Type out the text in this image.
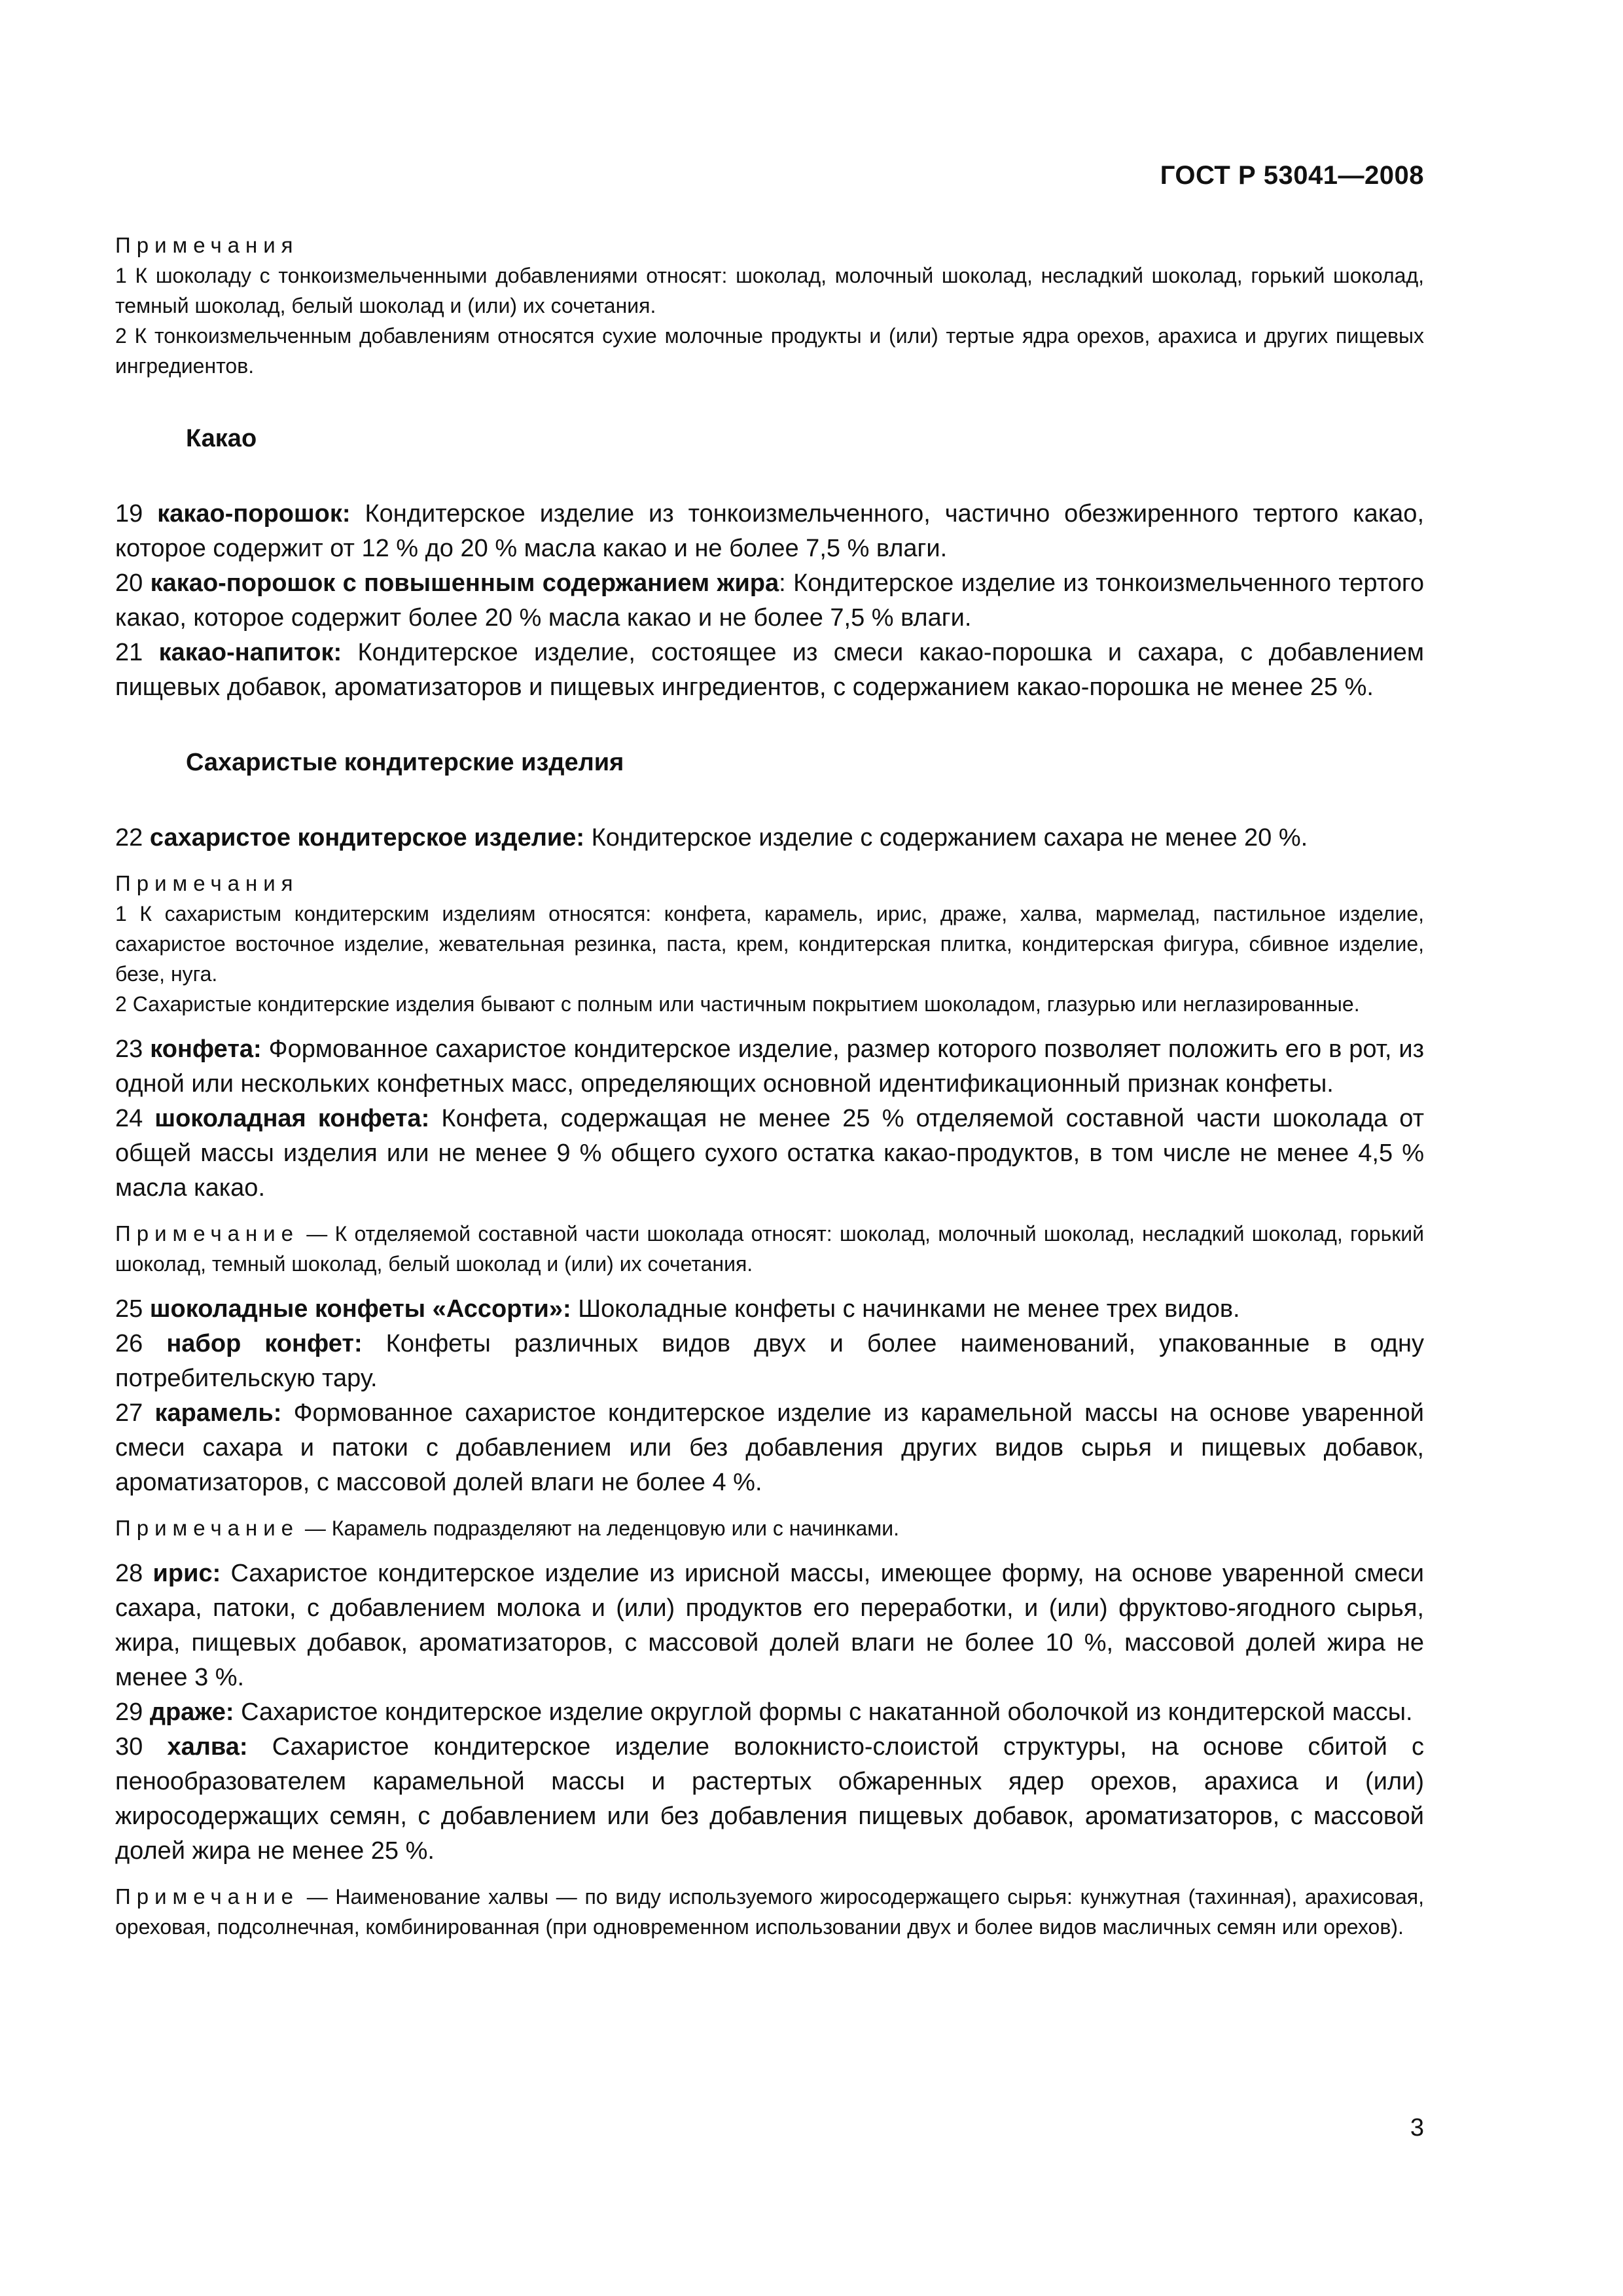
ГОСТ Р 53041—2008
Примечания
1 К шоколаду с тонкоизмельченными добавлениями относят: шоколад, молочный шоколад, несладкий шоколад, горький шоколад, темный шоколад, белый шоколад и (или) их сочетания.
2 К тонкоизмельченным добавлениям относятся сухие молочные продукты и (или) тертые ядра орехов, арахиса и других пищевых ингредиентов.
Какао
19 какао-порошок: Кондитерское изделие из тонкоизмельченного, частично обезжиренного тертого какао, которое содержит от 12 % до 20 % масла какао и не более 7,5 % влаги.
20 какао-порошок с повышенным содержанием жира: Кондитерское изделие из тонкоизмельченного тертого какао, которое содержит более 20 % масла какао и не более 7,5 % влаги.
21 какао-напиток: Кондитерское изделие, состоящее из смеси какао-порошка и сахара, с добавлением пищевых добавок, ароматизаторов и пищевых ингредиентов, с содержанием какао-порошка не менее 25 %.
Сахаристые кондитерские изделия
22 сахаристое кондитерское изделие: Кондитерское изделие с содержанием сахара не менее 20 %.
Примечания
1 К сахаристым кондитерским изделиям относятся: конфета, карамель, ирис, драже, халва, мармелад, пастильное изделие, сахаристое восточное изделие, жевательная резинка, паста, крем, кондитерская плитка, кондитерская фигура, сбивное изделие, безе, нуга.
2 Сахаристые кондитерские изделия бывают с полным или частичным покрытием шоколадом, глазурью или неглазированные.
23 конфета: Формованное сахаристое кондитерское изделие, размер которого позволяет положить его в рот, из одной или нескольких конфетных масс, определяющих основной идентификационный признак конфеты.
24 шоколадная конфета: Конфета, содержащая не менее 25 % отделяемой составной части шоколада от общей массы изделия или не менее 9 % общего сухого остатка какао-продуктов, в том числе не менее 4,5 % масла какао.
Примечание — К отделяемой составной части шоколада относят: шоколад, молочный шоколад, несладкий шоколад, горький шоколад, темный шоколад, белый шоколад и (или) их сочетания.
25 шоколадные конфеты «Ассорти»: Шоколадные конфеты с начинками не менее трех видов.
26 набор конфет: Конфеты различных видов двух и более наименований, упакованные в одну потребительскую тару.
27 карамель: Формованное сахаристое кондитерское изделие из карамельной массы на основе уваренной смеси сахара и патоки с добавлением или без добавления других видов сырья и пищевых добавок, ароматизаторов, с массовой долей влаги не более 4 %.
Примечание — Карамель подразделяют на леденцовую или с начинками.
28 ирис: Сахаристое кондитерское изделие из ирисной массы, имеющее форму, на основе уваренной смеси сахара, патоки, с добавлением молока и (или) продуктов его переработки, и (или) фруктово-ягодного сырья, жира, пищевых добавок, ароматизаторов, с массовой долей влаги не более 10 %, массовой долей жира не менее 3 %.
29 драже: Сахаристое кондитерское изделие округлой формы с накатанной оболочкой из кондитерской массы.
30 халва: Сахаристое кондитерское изделие волокнисто-слоистой структуры, на основе сбитой с пенообразователем карамельной массы и растертых обжаренных ядер орехов, арахиса и (или) жиросодержащих семян, с добавлением или без добавления пищевых добавок, ароматизаторов, с массовой долей жира не менее 25 %.
Примечание — Наименование халвы — по виду используемого жиросодержащего сырья: кунжутная (тахинная), арахисовая, ореховая, подсолнечная, комбинированная (при одновременном использовании двух и более видов масличных семян или орехов).
3
